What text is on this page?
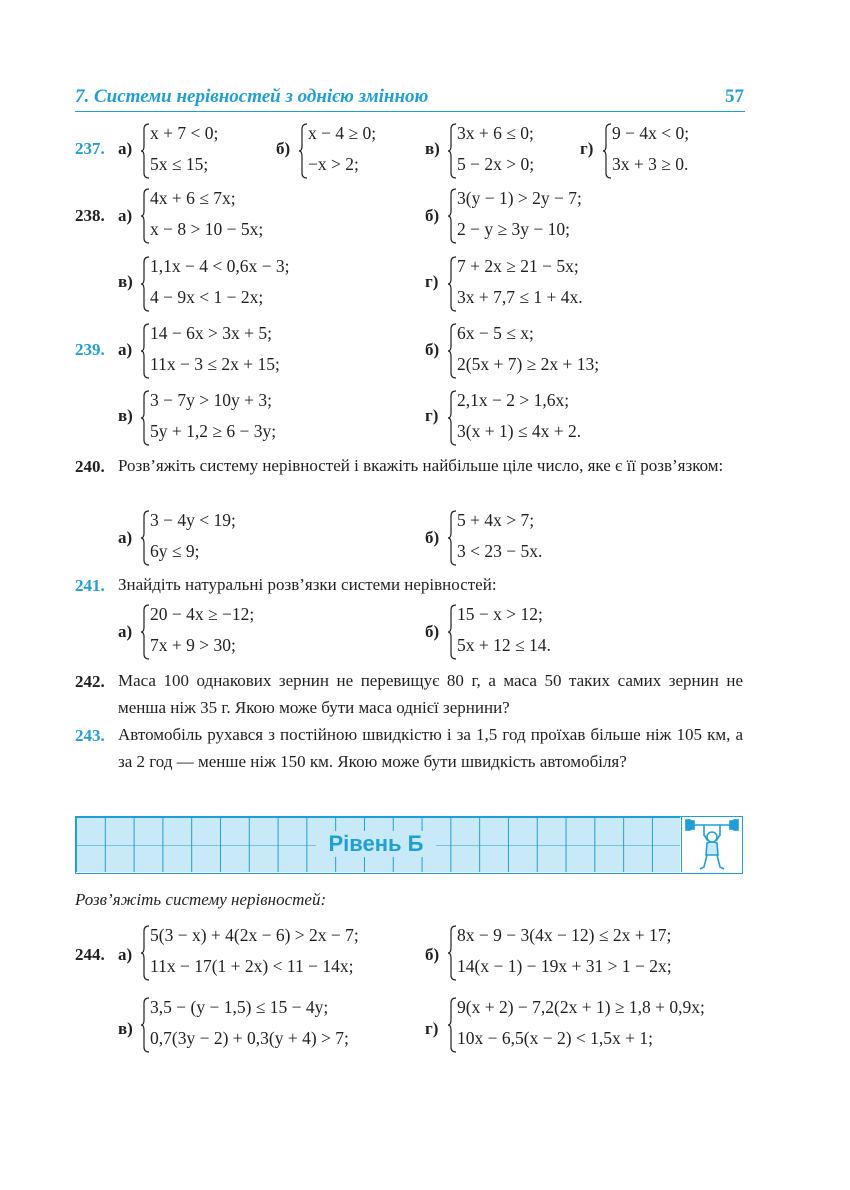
7. Системи нерівностей з однією змінною	57
237. а)
x + 7 < 0;
5x ≤ 15;
б)
x − 4 ≥ 0;
−x > 2;
в)
3x + 6 ≤ 0;
5 − 2x > 0;
г)
9 − 4x < 0;
3x + 3 ≥ 0.
238. а)
4x + 6 ≤ 7x;
x − 8 > 10 − 5x;
б)
3(y − 1) > 2y − 7;
2 − y ≥ 3y − 10;
в)
1,1x − 4 < 0,6x − 3;
4 − 9x < 1 − 2x;
г)
7 + 2x ≥ 21 − 5x;
3x + 7,7 ≤ 1 + 4x.
239. а)
14 − 6x > 3x + 5;
11x − 3 ≤ 2x + 15;
б)
6x − 5 ≤ x;
2(5x + 7) ≥ 2x + 13;
в)
3 − 7y > 10y + 3;
5y + 1,2 ≥ 6 − 3y;
г)
2,1x − 2 > 1,6x;
3(x + 1) ≤ 4x + 2.
240. Розв’яжіть систему нерівностей і вкажіть найбільше ціле число, яке є її розв’язком:
а)
3 − 4y < 19;
6y ≤ 9;
б)
5 + 4x > 7;
3 < 23 − 5x.
241. Знайдіть натуральні розв’язки системи нерівностей:
а)
20 − 4x ≥ −12;
7x + 9 > 30;
б)
15 − x > 12;
5x + 12 ≤ 14.
242. Маса 100 однакових зернин не перевищує 80 г, а маса 50 таких самих зернин не менша ніж 35 г. Якою може бути маса однієї зернини?
243. Автомобіль рухався з постійною швидкістю і за 1,5 год проїхав більше ніж 105 км, а за 2 год — менше ніж 150 км. Якою може бути швидкість автомобіля?
Рівень Б
Розв’яжіть систему нерівностей:
244. а)
5(3 − x) + 4(2x − 6) > 2x − 7;
11x − 17(1 + 2x) < 11 − 14x;
б)
8x − 9 − 3(4x − 12) ≤ 2x + 17;
14(x − 1) − 19x + 31 > 1 − 2x;
в)
3,5 − (y − 1,5) ≤ 15 − 4y;
0,7(3y − 2) + 0,3(y + 4) > 7;	г)
9(x + 2) − 7,2(2x + 1) ≥ 1,8 + 0,9x;
10x − 6,5(x − 2) < 1,5x + 1;
